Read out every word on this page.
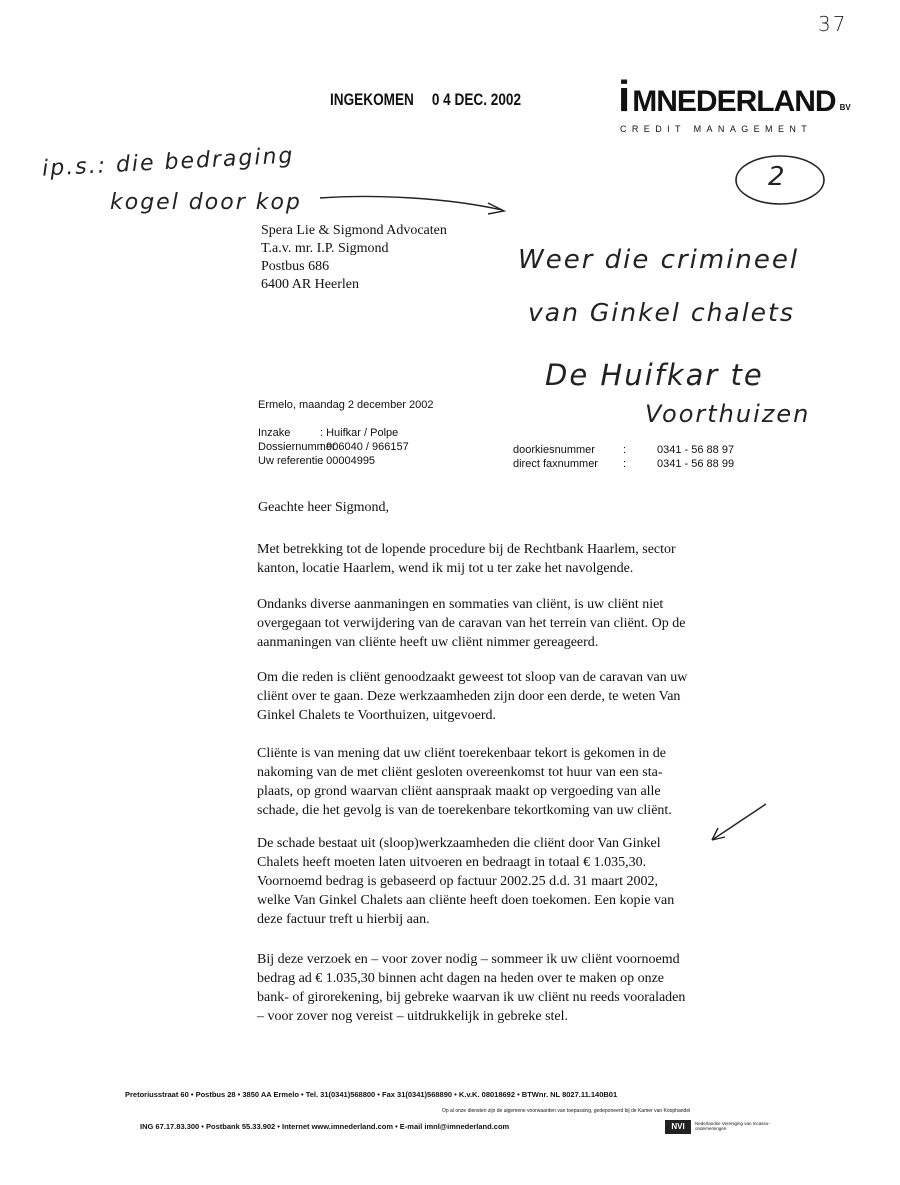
37
INGEKOMEN 0 4 DEC. 2002 i MNEDERLAND BV
CREDIT MANAGEMENT
2
ip.s.: die bedraging
kogel door kop
Weer die crimineel
van Ginkel chalets
De Huifkar te
Voorthuizen
Spera Lie & Sigmond Advocaten
T.a.v. mr. I.P. Sigmond
Postbus 686
6400 AR Heerlen
Ermelo, maandag 2 december 2002
Inzake	: Huifkar / Polpe
Dossiernummer: 906040 / 966157
Uw referentie: 00004995
doorkiesnummer	:	0341 - 56 88 97
direct faxnummer :	0341 - 56 88 99
Geachte heer Sigmond,
Met betrekking tot de lopende procedure bij de Rechtbank Haarlem, sector
kanton, locatie Haarlem, wend ik mij tot u ter zake het navolgende.
Ondanks diverse aanmaningen en sommaties van cliënt, is uw cliënt niet
overgegaan tot verwijdering van de caravan van het terrein van cliënt. Op de
aanmaningen van cliënte heeft uw cliënt nimmer gereageerd.
Om die reden is cliënt genoodzaakt geweest tot sloop van de caravan van uw
cliënt over te gaan. Deze werkzaamheden zijn door een derde, te weten Van
Ginkel Chalets te Voorthuizen, uitgevoerd.
Cliënte is van mening dat uw cliënt toerekenbaar tekort is gekomen in de
nakoming van de met cliënt gesloten overeenkomst tot huur van een sta-
plaats, op grond waarvan cliënt aanspraak maakt op vergoeding van alle
schade, die het gevolg is van de toerekenbare tekortkoming van uw cliënt.
De schade bestaat uit (sloop)werkzaamheden die cliënt door Van Ginkel
Chalets heeft moeten laten uitvoeren en bedraagt in totaal € 1.035,30.
Voornoemd bedrag is gebaseerd op factuur 2002.25 d.d. 31 maart 2002,
welke Van Ginkel Chalets aan cliënte heeft doen toekomen. Een kopie van
deze factuur treft u hierbij aan.
Bij deze verzoek en – voor zover nodig – sommeer ik uw cliënt voornoemd
bedrag ad € 1.035,30 binnen acht dagen na heden over te maken op onze
bank- of girorekening, bij gebreke waarvan ik uw cliënt nu reeds vooraladen
– voor zover nog vereist – uitdrukkelijk in gebreke stel.
Pretoriusstraat 60 • Postbus 28 • 3850 AA Ermelo • Tel. 31(0341)568800 • Fax 31(0341)568890 • K.v.K. 08018692 • BTWnr. NL 8027.11.140B01
Op al onze diensten zijn de algemene voorwaarden van toepassing, gedeponeerd bij de Kamer van Koophandel
ING 67.17.83.300 • Postbank 55.33.902 • Internet www.imnederland.com • E-mail imnl@imnederland.com	NVI	Nederlandse Vereniging van Incasso-ondernemingen
